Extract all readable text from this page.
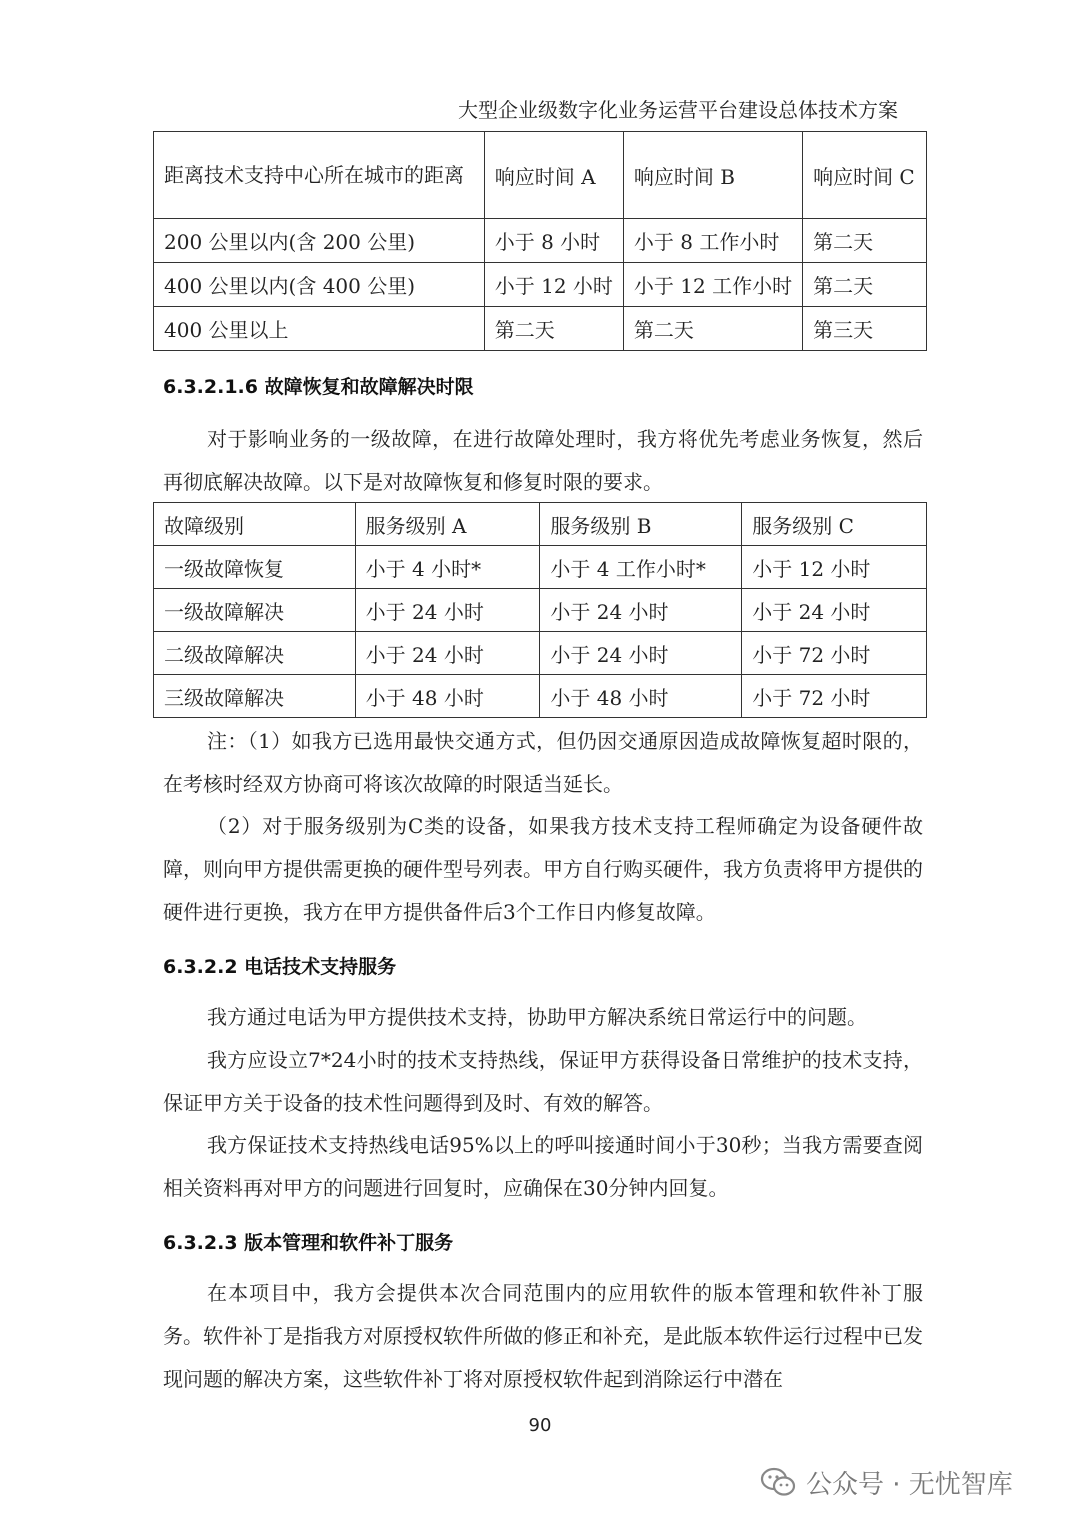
大型企业级数字化业务运营平台建设总体技术方案
距离技术支持中心所在城市的距离	响应时间 A	响应时间 B	响应时间 C
200 公里以内(含 200 公里)	小于 8 小时	小于 8 工作小时	第二天
400 公里以内(含 400 公里)	小于 12 小时	小于 12 工作小时	第二天
400 公里以上	第二天	第二天	第三天
6.3.2.1.6 故障恢复和故障解决时限

对于影响业务的一级故障，在进行故障处理时，我方将优先考虑业务恢复，然后再彻底解决故障。以下是对故障恢复和修复时限的要求。

故障级别	服务级别 A	服务级别 B	服务级别 C
一级故障恢复	小于 4 小时*	小于 4 工作小时*	小于 12 小时
一级故障解决	小于 24 小时	小于 24 小时	小于 24 小时
二级故障解决	小于 24 小时	小于 24 小时	小于 72 小时
三级故障解决	小于 48 小时	小于 48 小时	小于 72 小时

注：（1）如我方已选用最快交通方式，但仍因交通原因造成故障恢复超时限的，在考核时经双方协商可将该次故障的时限适当延长。

（2）对于服务级别为C类的设备，如果我方技术支持工程师确定为设备硬件故障，则向甲方提供需更换的硬件型号列表。甲方自行购买硬件，我方负责将甲方提供的硬件进行更换，我方在甲方提供备件后3个工作日内修复故障。

6.3.2.2 电话技术支持服务

我方通过电话为甲方提供技术支持，协助甲方解决系统日常运行中的问题。

我方应设立7*24小时的技术支持热线，保证甲方获得设备日常维护的技术支持，保证甲方关于设备的技术性问题得到及时、有效的解答。

我方保证技术支持热线电话95%以上的呼叫接通时间小于30秒；当我方需要查阅相关资料再对甲方的问题进行回复时，应确保在30分钟内回复。

6.3.2.3 版本管理和软件补丁服务

在本项目中，我方会提供本次合同范围内的应用软件的版本管理和软件补丁服务。软件补丁是指我方对原授权软件所做的修正和补充，是此版本软件运行过程中已发现问题的解决方案，这些软件补丁将对原授权软件起到消除运行中潜在

90
公众号 · 无忧智库
